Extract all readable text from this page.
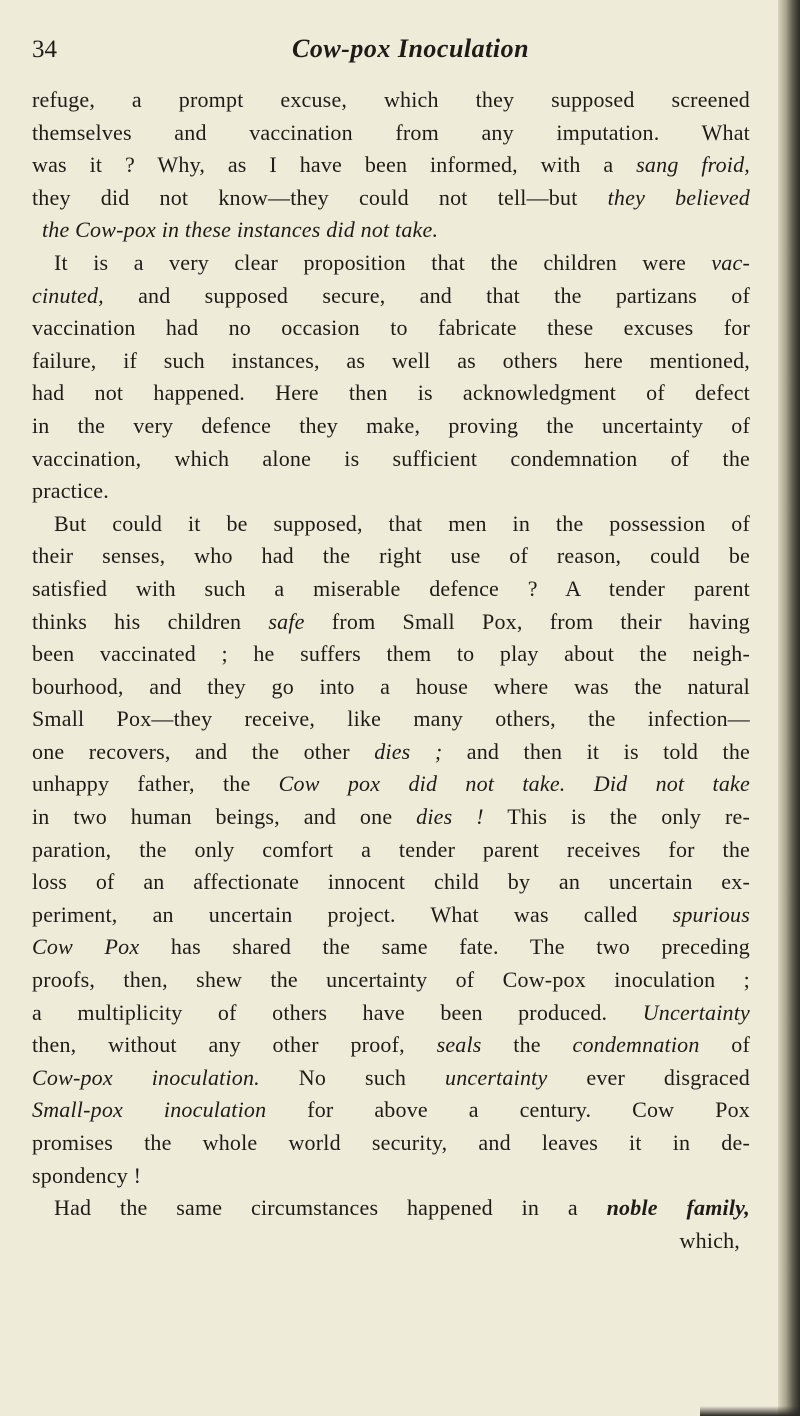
34	Cow-pox Inoculation
refuge, a prompt excuse, which they supposed screened
themselves and vaccination from any imputation. What
was it ? Why, as I have been informed, with a sang froid,
they did not know—they could not tell—but they believed
the Cow-pox in these instances did not take.
It is a very clear proposition that the children were vac-
cinuted, and supposed secure, and that the partizans of
vaccination had no occasion to fabricate these excuses for
failure, if such instances, as well as others here mentioned,
had not happened. Here then is acknowledgment of defect
in the very defence they make, proving the uncertainty of
vaccination, which alone is sufficient condemnation of the
practice.
But could it be supposed, that men in the possession of
their senses, who had the right use of reason, could be
satisfied with such a miserable defence ? A tender parent
thinks his children safe from Small Pox, from their having
been vaccinated ; he suffers them to play about the neigh-
bourhood, and they go into a house where was the natural
Small Pox—they receive, like many others, the infection—
one recovers, and the other dies ; and then it is told the
unhappy father, the Cow pox did not take. Did not take
in two human beings, and one dies ! This is the only re-
paration, the only comfort a tender parent receives for the
loss of an affectionate innocent child by an uncertain ex-
periment, an uncertain project. What was called spurious
Cow Pox has shared the same fate. The two preceding
proofs, then, shew the uncertainty of Cow-pox inoculation ;
a multiplicity of others have been produced. Uncertainty
then, without any other proof, seals the condemnation of
Cow-pox inoculation. No such uncertainty ever disgraced
Small-pox inoculation for above a century. Cow Pox
promises the whole world security, and leaves it in de-
spondency !
Had the same circumstances happened in a noble family,
which,
